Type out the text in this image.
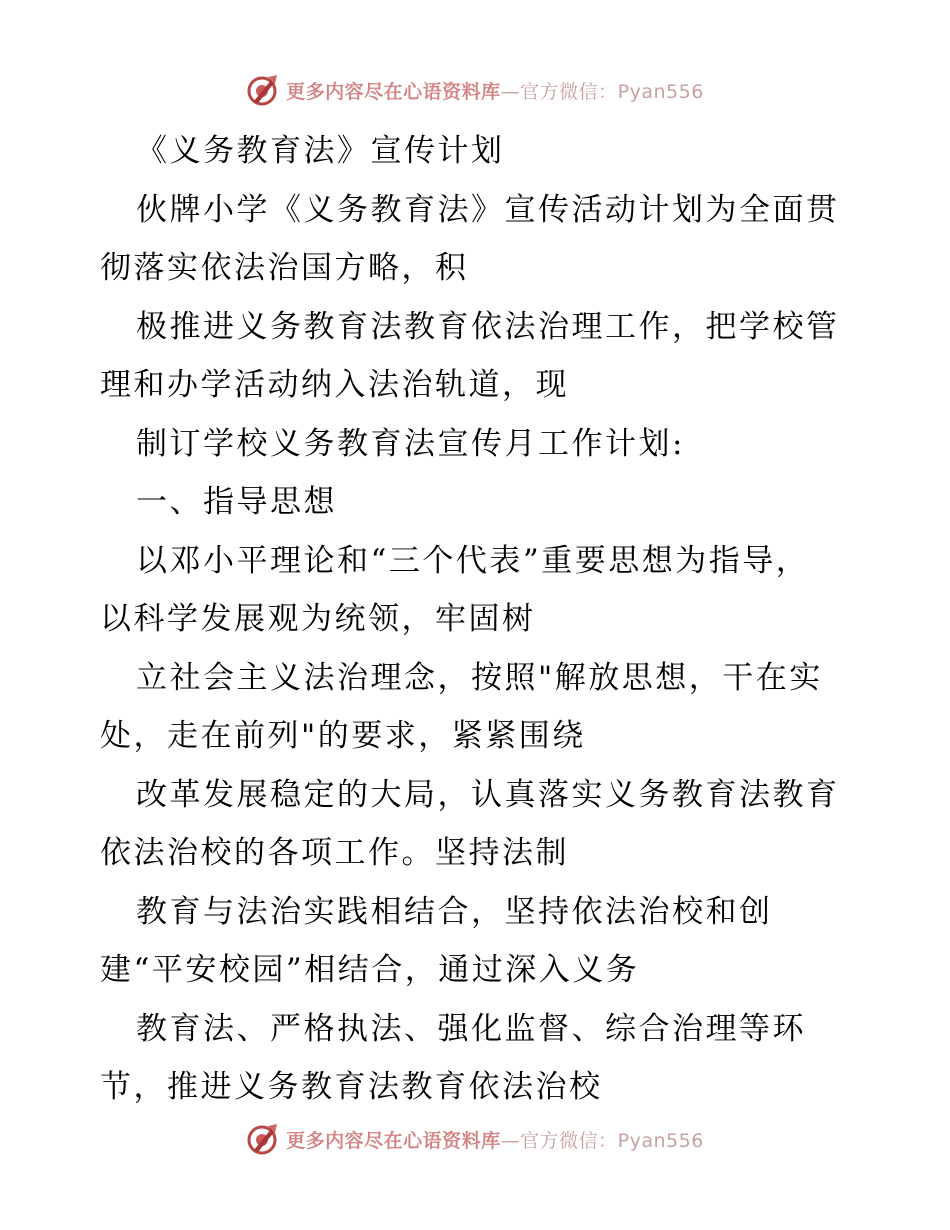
更多内容尽在心语资料库—官方微信：Pyan556
《义务教育法》宣传计划
伙牌小学《义务教育法》宣传活动计划为全面贯
彻落实依法治国方略，积
极推进义务教育法教育依法治理工作，把学校管
理和办学活动纳入法治轨道，现
制订学校义务教育法宣传月工作计划:
一、指导思想
以邓小平理论和“三个代表”重要思想为指导，
以科学发展观为统领，牢固树
立社会主义法治理念，按照"解放思想，干在实
处，走在前列"的要求，紧紧围绕
改革发展稳定的大局，认真落实义务教育法教育
依法治校的各项工作。坚持法制
教育与法治实践相结合，坚持依法治校和创
建“平安校园”相结合，通过深入义务
教育法、严格执法、强化监督、综合治理等环
节，推进义务教育法教育依法治校
更多内容尽在心语资料库—官方微信：Pyan556
